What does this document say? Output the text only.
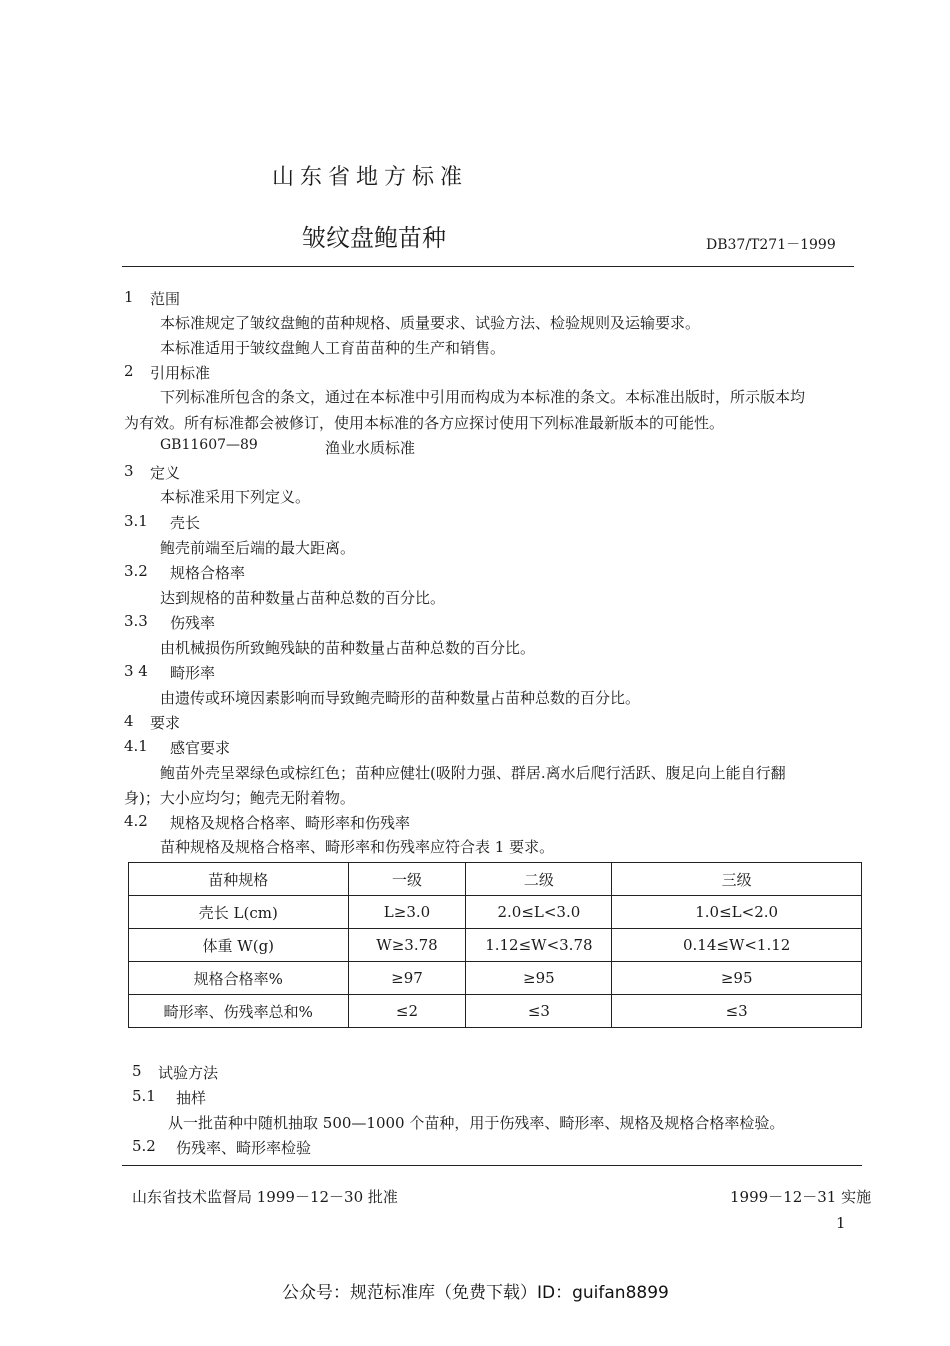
山东省地方标准
皱纹盘鲍苗种	DB37/T271－1999
1 范围
本标准规定了皱纹盘鲍的苗种规格、质量要求、试验方法、检验规则及运输要求。
本标准适用于皱纹盘鲍人工育苗苗种的生产和销售。
2 引用标准
下列标准所包含的条文，通过在本标准中引用而构成为本标准的条文。本标准出版时，所示版本均
为有效。所有标准都会被修订，使用本标准的各方应探讨使用下列标准最新版本的可能性。
GB11607—89	渔业水质标准
3 定义
本标准采用下列定义。
3.1 壳长
鲍壳前端至后端的最大距离。
3.2 规格合格率
达到规格的苗种数量占苗种总数的百分比。
3.3 伤残率
由机械损伤所致鲍残缺的苗种数量占苗种总数的百分比。
3 4 畸形率
由遗传或环境因素影响而导致鲍壳畸形的苗种数量占苗种总数的百分比。
4 要求
4.1 感官要求
鲍苗外壳呈翠绿色或棕红色；苗种应健壮(吸附力强、群居.离水后爬行活跃、腹足向上能自行翻
身)；大小应均匀；鲍壳无附着物。
4.2 规格及规格合格率、畸形率和伤残率
苗种规格及规格合格率、畸形率和伤残率应符合表 1 要求。
苗种规格	一级	二级	三级
壳长 L(cm)	L≥3.0	2.0≤L<3.0	1.0≤L<2.0
体重 W(g)	W≥3.78	1.12≤W<3.78	0.14≤W<1.12
规格合格率%	≥97	≥95	≥95
畸形率、伤残率总和%	≤2	≤3	≤3
5 试验方法
5.1 抽样
从一批苗种中随机抽取 500—1000 个苗种，用于伤残率、畸形率、规格及规格合格率检验。
5.2 伤残率、畸形率检验
山东省技术监督局 1999－12－30 批准	1999－12－31 实施
1
公众号：规范标准库（免费下载）ID：guifan8899
